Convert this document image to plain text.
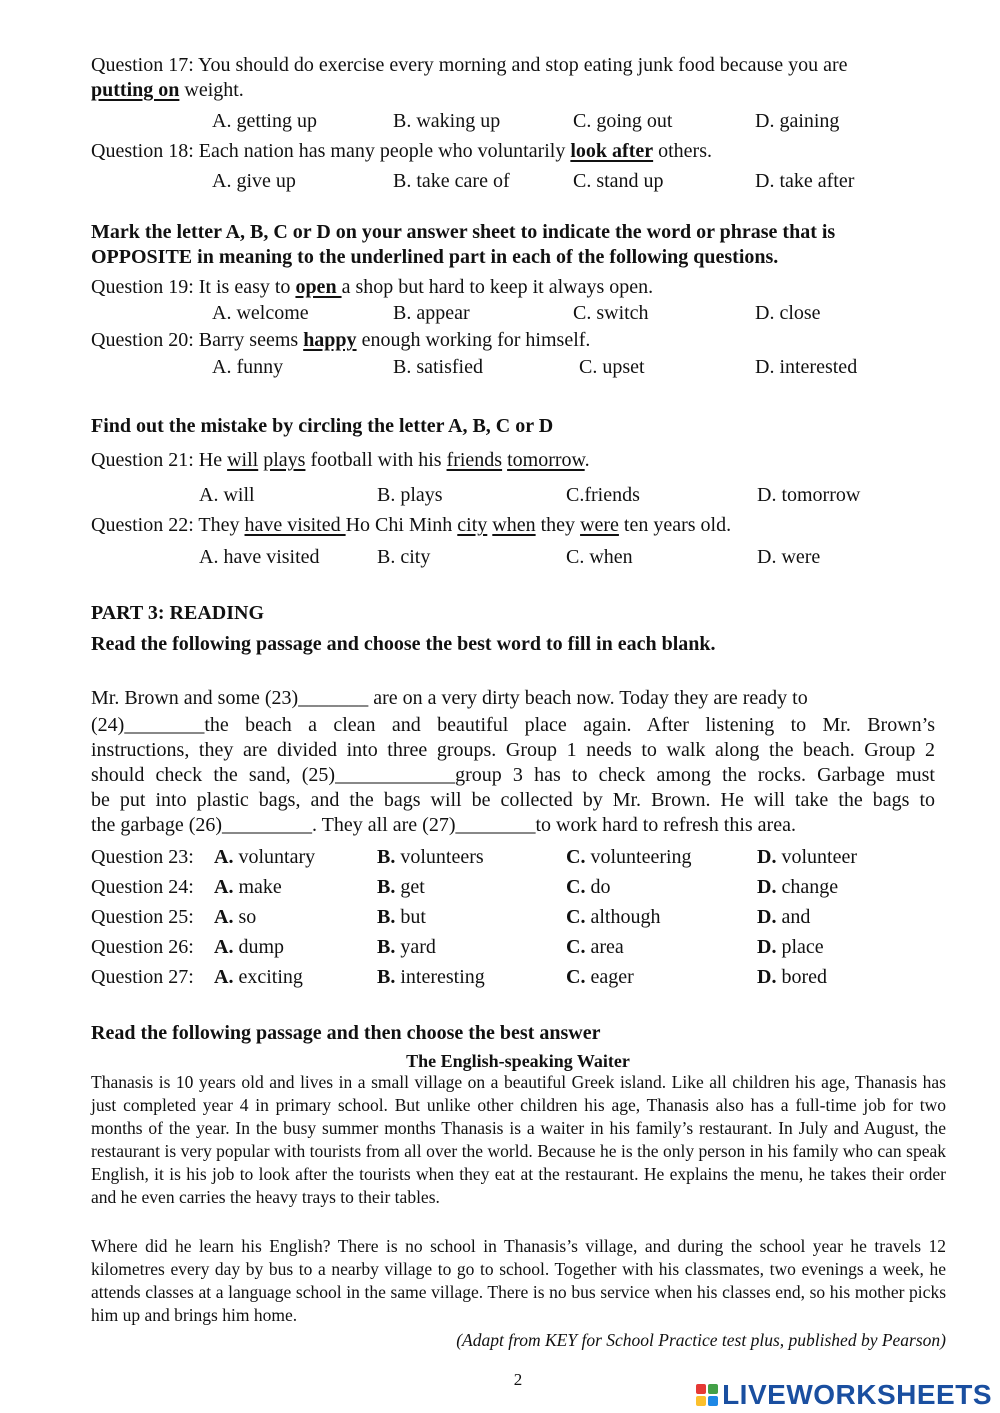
Question 17: You should do exercise every morning and stop eating junk food because you are
putting on weight.
A. getting up	B. waking up	C. going out	D. gaining
Question 18: Each nation has many people who voluntarily look after others.
A. give up	B. take care of	C. stand up	D. take after
Mark the letter A, B, C or D on your answer sheet to indicate the word or phrase that is
OPPOSITE in meaning to the underlined part in each of the following questions.
Question 19: It is easy to open a shop but hard to keep it always open.
A. welcome	B. appear	C. switch	D. close
Question 20: Barry seems happy enough working for himself.
A. funny	B. satisfied	C. upset	D. interested
Find out the mistake by circling the letter A, B, C or D
Question 21: He will plays football with his friends tomorrow.
A. will	B. plays	C.friends	D. tomorrow
Question 22: They have visited Ho Chi Minh city when they were ten years old.
A. have visited	B. city	C. when	D. were
PART 3: READING
Read the following passage and choose the best word to fill in each blank.
Mr. Brown and some (23)_______ are on a very dirty beach now. Today they are ready to
(24)________the beach a clean and beautiful place again. After listening to Mr. Brown’s
instructions, they are divided into three groups. Group 1 needs to walk along the beach. Group 2
should check the sand, (25)____________group 3 has to check among the rocks. Garbage must
be put into plastic bags, and the bags will be collected by Mr. Brown. He will take the bags to
the garbage (26)_________. They all are (27)________to work hard to refresh this area.
Question 23: A. voluntary	B. volunteers	C. volunteering	D. volunteer
Question 24: A. make	B. get	C. do	D. change
Question 25: A. so	B. but	C. although	D. and
Question 26: A. dump	B. yard	C. area	D. place
Question 27: A. exciting	B. interesting	C. eager	D. bored
Read the following passage and then choose the best answer
The English-speaking Waiter
Thanasis is 10 years old and lives in a small village on a beautiful Greek island. Like all children his age, Thanasis has just completed year 4 in primary school. But unlike other children his age, Thanasis also has a full-time job for two months of the year. In the busy summer months Thanasis is a waiter in his family’s restaurant. In July and August, the restaurant is very popular with tourists from all over the world. Because he is the only person in his family who can speak English, it is his job to look after the tourists when they eat at the restaurant. He explains the menu, he takes their order and he even carries the heavy trays to their tables.
Where did he learn his English? There is no school in Thanasis’s village, and during the school year he travels 12 kilometres every day by bus to a nearby village to go to school. Together with his classmates, two evenings a week, he attends classes at a language school in the same village. There is no bus service when his classes end, so his mother picks him up and brings him home.
(Adapt from KEY for School Practice test plus, published by Pearson)
2	LIVEWORKSHEETS
